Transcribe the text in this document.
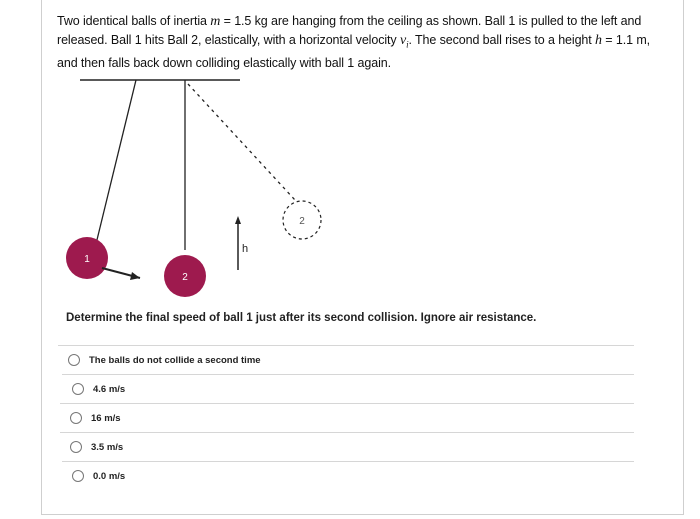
Two identical balls of inertia m = 1.5 kg are hanging from the ceiling as shown. Ball 1 is pulled to the left and released. Ball 1 hits Ball 2, elastically, with a horizontal velocity $v_i$. The second ball rises to a height h = 1.1 m, and then falls back down colliding elastically with ball 1 again.
1
2
2
h
Determine the final speed of ball 1 just after its second collision. Ignore air resistance.
The balls do not collide a second time
4.6 m/s
16 m/s
3.5 m/s
0.0 m/s
